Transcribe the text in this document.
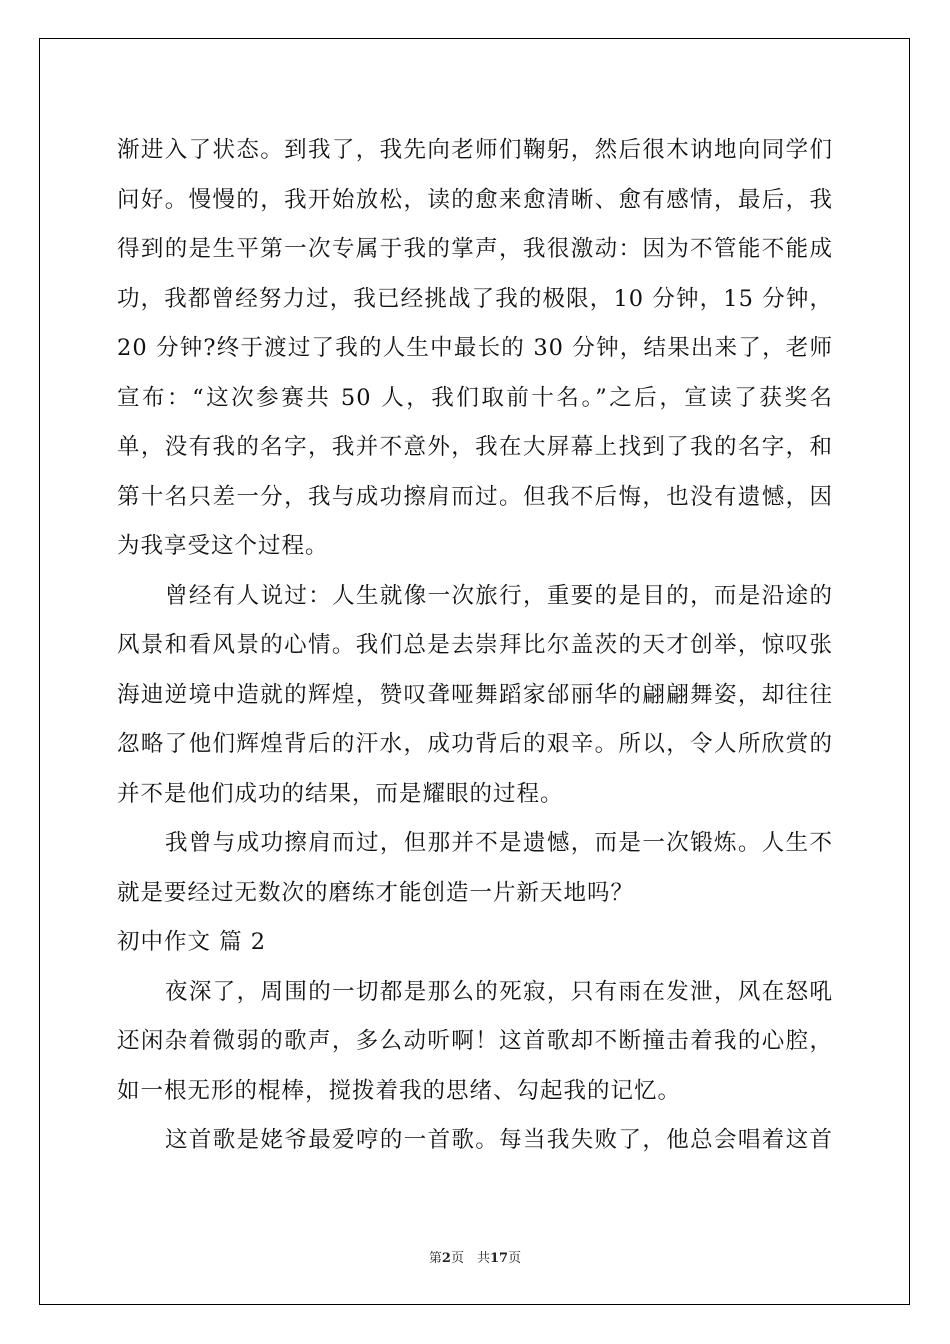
渐进入了状态。到我了，我先向老师们鞠躬，然后很木讷地向同学们
问好。慢慢的，我开始放松，读的愈来愈清晰、愈有感情，最后，我
得到的是生平第一次专属于我的掌声，我很激动：因为不管能不能成
功，我都曾经努力过，我已经挑战了我的极限，10 分钟，15 分钟，
20 分钟?终于渡过了我的人生中最长的 30 分钟，结果出来了，老师
宣布：“这次参赛共 50 人，我们取前十名。”之后，宣读了获奖名
单，没有我的名字，我并不意外，我在大屏幕上找到了我的名字，和
第十名只差一分，我与成功擦肩而过。但我不后悔，也没有遗憾，因
为我享受这个过程。
曾经有人说过：人生就像一次旅行，重要的是目的，而是沿途的
风景和看风景的心情。我们总是去崇拜比尔盖茨的天才创举，惊叹张
海迪逆境中造就的辉煌，赞叹聋哑舞蹈家邰丽华的翩翩舞姿，却往往
忽略了他们辉煌背后的汗水，成功背后的艰辛。所以，令人所欣赏的
并不是他们成功的结果，而是耀眼的过程。
我曾与成功擦肩而过，但那并不是遗憾，而是一次锻炼。人生不
就是要经过无数次的磨练才能创造一片新天地吗？
初中作文 篇 2
夜深了，周围的一切都是那么的死寂，只有雨在发泄，风在怒吼
还闲杂着微弱的歌声，多么动听啊！这首歌却不断撞击着我的心腔，
如一根无形的棍棒，搅拨着我的思绪、勾起我的记忆。
这首歌是姥爷最爱哼的一首歌。每当我失败了，他总会唱着这首
第2页　共17页
